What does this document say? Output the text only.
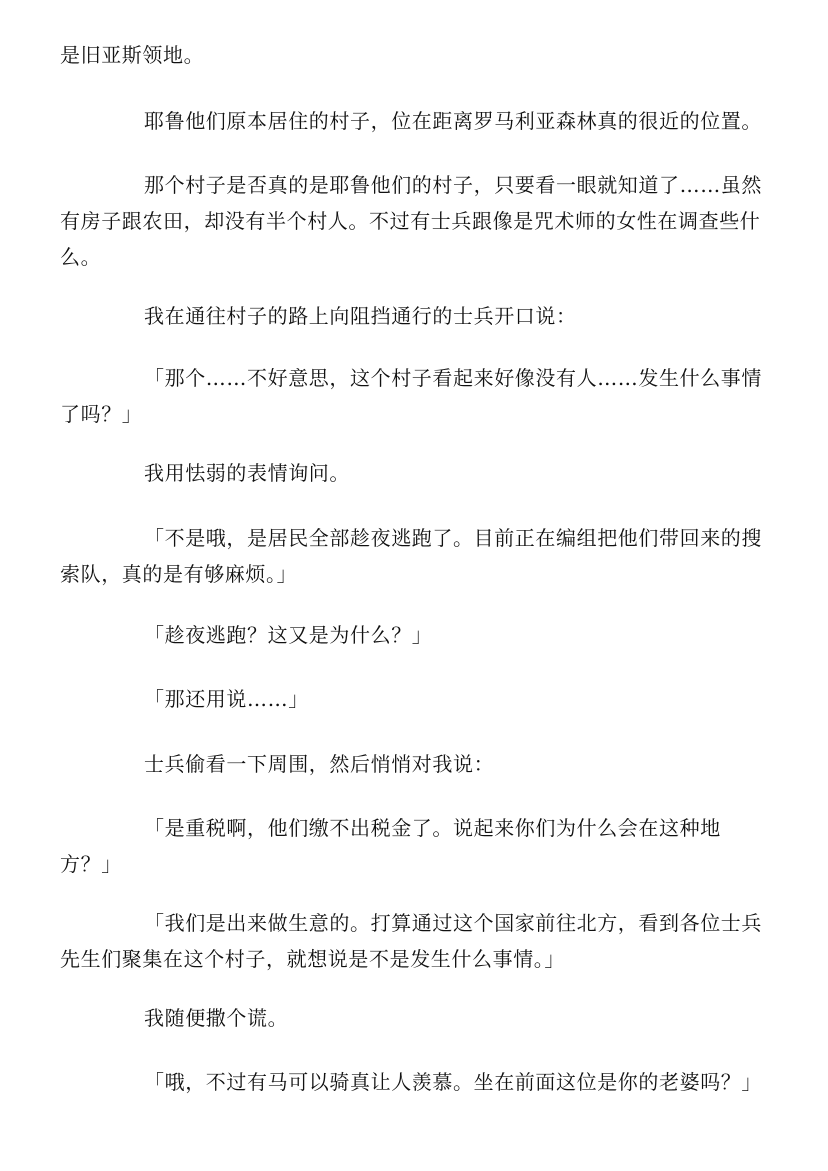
是旧亚斯领地。

耶鲁他们原本居住的村子，位在距离罗马利亚森林真的很近的位置。

那个村子是否真的是耶鲁他们的村子，只要看一眼就知道了……虽然有房子跟农田，却没有半个村人。不过有士兵跟像是咒术师的女性在调查些什么。

我在通往村子的路上向阻挡通行的士兵开口说：

「那个……不好意思，这个村子看起来好像没有人……发生什么事情了吗？」

我用怯弱的表情询问。

「不是哦，是居民全部趁夜逃跑了。目前正在编组把他们带回来的搜索队，真的是有够麻烦。」

「趁夜逃跑？这又是为什么？」

「那还用说……」

士兵偷看一下周围，然后悄悄对我说：

「是重税啊，他们缴不出税金了。说起来你们为什么会在这种地方？」

「我们是出来做生意的。打算通过这个国家前往北方，看到各位士兵先生们聚集在这个村子，就想说是不是发生什么事情。」

我随便撒个谎。

「哦，不过有马可以骑真让人羡慕。坐在前面这位是你的老婆吗？」
